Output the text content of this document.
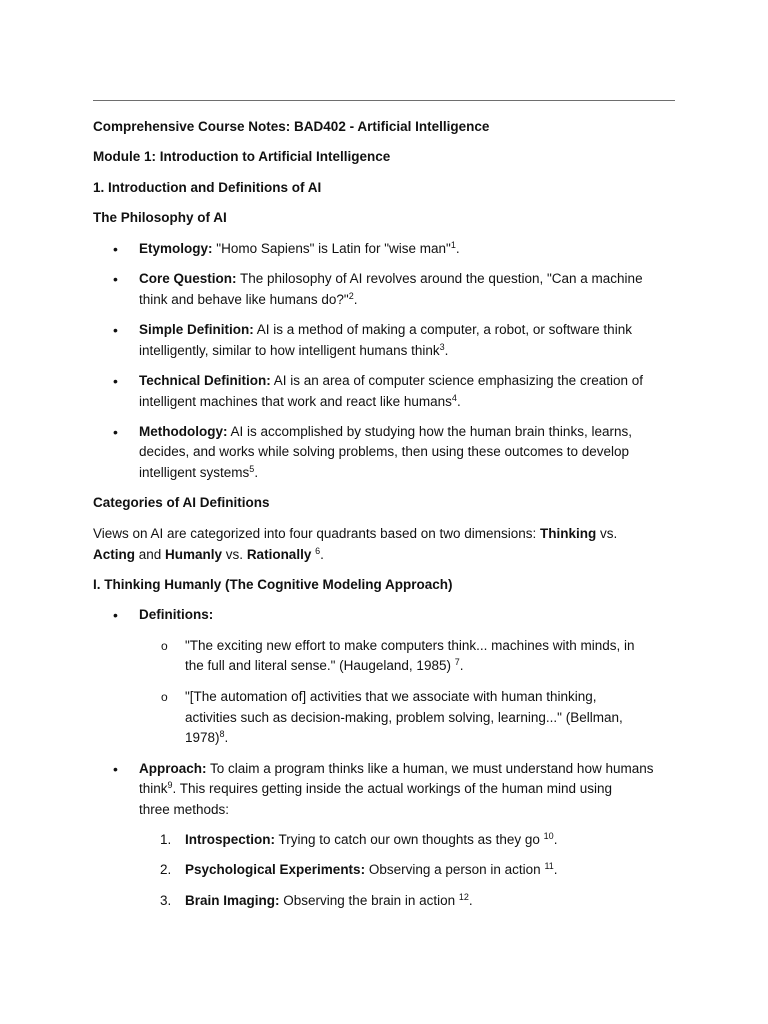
Comprehensive Course Notes: BAD402 - Artificial Intelligence
Module 1: Introduction to Artificial Intelligence
1. Introduction and Definitions of AI
The Philosophy of AI
• Etymology: "Homo Sapiens" is Latin for "wise man"$^1$.
• Core Question: The philosophy of AI revolves around the question, "Can a machine
think and behave like humans do?"$^2$.
• Simple Definition: AI is a method of making a computer, a robot, or software think
intelligently, similar to how intelligent humans think$^3$.
• Technical Definition: AI is an area of computer science emphasizing the creation of
intelligent machines that work and react like humans$^4$.
• Methodology: AI is accomplished by studying how the human brain thinks, learns,
decides, and works while solving problems, then using these outcomes to develop
intelligent systems$^5$.
Categories of AI Definitions
Views on AI are categorized into four quadrants based on two dimensions: Thinking vs.
Acting and Humanly vs. Rationally $^6$.
I. Thinking Humanly (The Cognitive Modeling Approach)
• Definitions:
o "The exciting new effort to make computers think... machines with minds, in
the full and literal sense." (Haugeland, 1985) $^7$.
o "[The automation of] activities that we associate with human thinking,
activities such as decision-making, problem solving, learning..." (Bellman,
1978)$^8$.
• Approach: To claim a program thinks like a human, we must understand how humans
think$^9$. This requires getting inside the actual workings of the human mind using
three methods:
1. Introspection: Trying to catch our own thoughts as they go $^{10}$.
2. Psychological Experiments: Observing a person in action $^{11}$.
3. Brain Imaging: Observing the brain in action $^{12}$.
